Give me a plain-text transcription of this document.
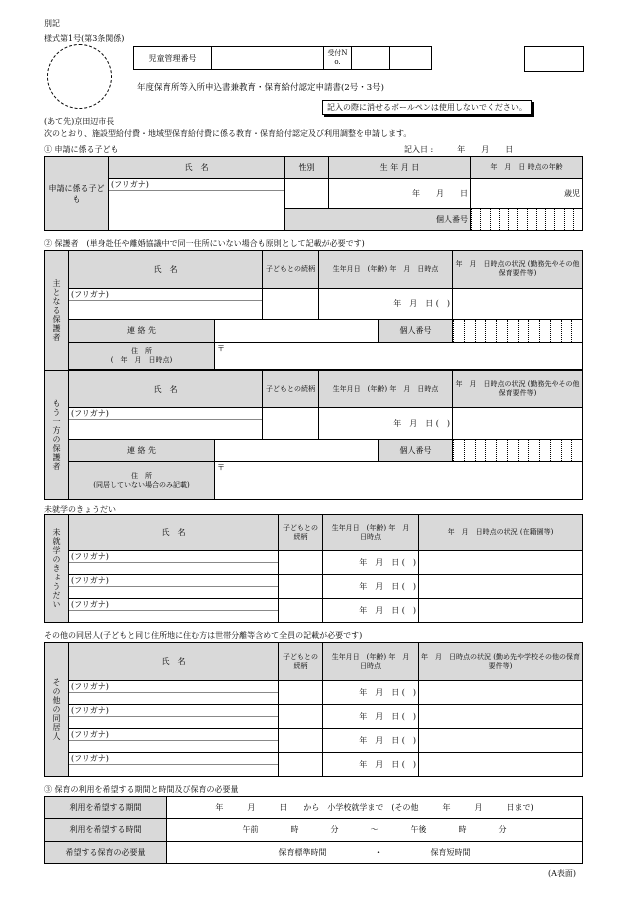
別記
様式第1号(第3条関係)
児童管理番号		受付No.			
年度保育所等入所申込書兼教育・保育給付認定申請書(2号・3号)
記入の際に消せるボールペンは使用しないでください。
(あて先)京田辺市長
次のとおり、施設型給付費・地域型保育給付費に係る教育・保育給付認定及び利用調整を申請します。
① 申請に係る子ども	記入日 :　　　年　　月　　日
申請に係る子ども	氏　名	性別	生 年 月 日	年　月　日 時点の年齢

	(フリガナ)		年　　月　　日	歳児
		個人番号		
② 保護者　(単身赴任や離婚協議中で同一住所にいない場合も原則として記載が必要です)
主となる保護者	氏　名		子どもとの続柄	生年月日　(年齢) 年　月　日時点		年　月　日時点の状況 (勤務先やその他保育要件等)

	(フリガナ)			年　月　日 (　)		
	連 絡 先				個人番号	

	住　所
(　年　月　日時点)	〒				

もう一方の保護者	氏　名		子どもとの続柄	生年月日　(年齢) 年　月　日時点		年　月　日時点の状況 (勤務先やその他保育要件等)

	(フリガナ)			年　月　日 (　)		
	連 絡 先				個人番号	

	住　所
(同居していない場合のみ記載)	〒				
未就学のきょうだい
未就学のきょうだい	氏　名	子どもとの続柄	生年月日　(年齢) 年　月　日時点	年　月　日時点の状況 (在籍園等)

	(フリガナ)		年　月　日 (　)	

	(フリガナ)		年　月　日 (　)	

	(フリガナ)		年　月　日 (　)	
その他の同居人(子どもと同じ住所地に住む方は世帯分離等含めて全員の記載が必要です)
その他の同居人	氏　名	子どもとの続柄	生年月日　(年齢) 年　月　日時点	年　月　日時点の状況 (勤め先や学校その他の保育要件等)

	(フリガナ)		年　月　日 (　)	

	(フリガナ)		年　月　日 (　)	

	(フリガナ)		年　月　日 (　)	

	(フリガナ)		年　月　日 (　)	
③ 保育の利用を希望する期間と時間及び保育の必要量
利用を希望する期間	年　　　月　　　日　　から　小学校就学まで　(その他　　　年　　　月　　　日まで)
利用を希望する時間	午前　　　　時　　　　分　　　　～　　　　午後　　　　時　　　　分
希望する保育の必要量	保育標準時間　　　　　　・　　　　　　保育短時間
(A表面)
